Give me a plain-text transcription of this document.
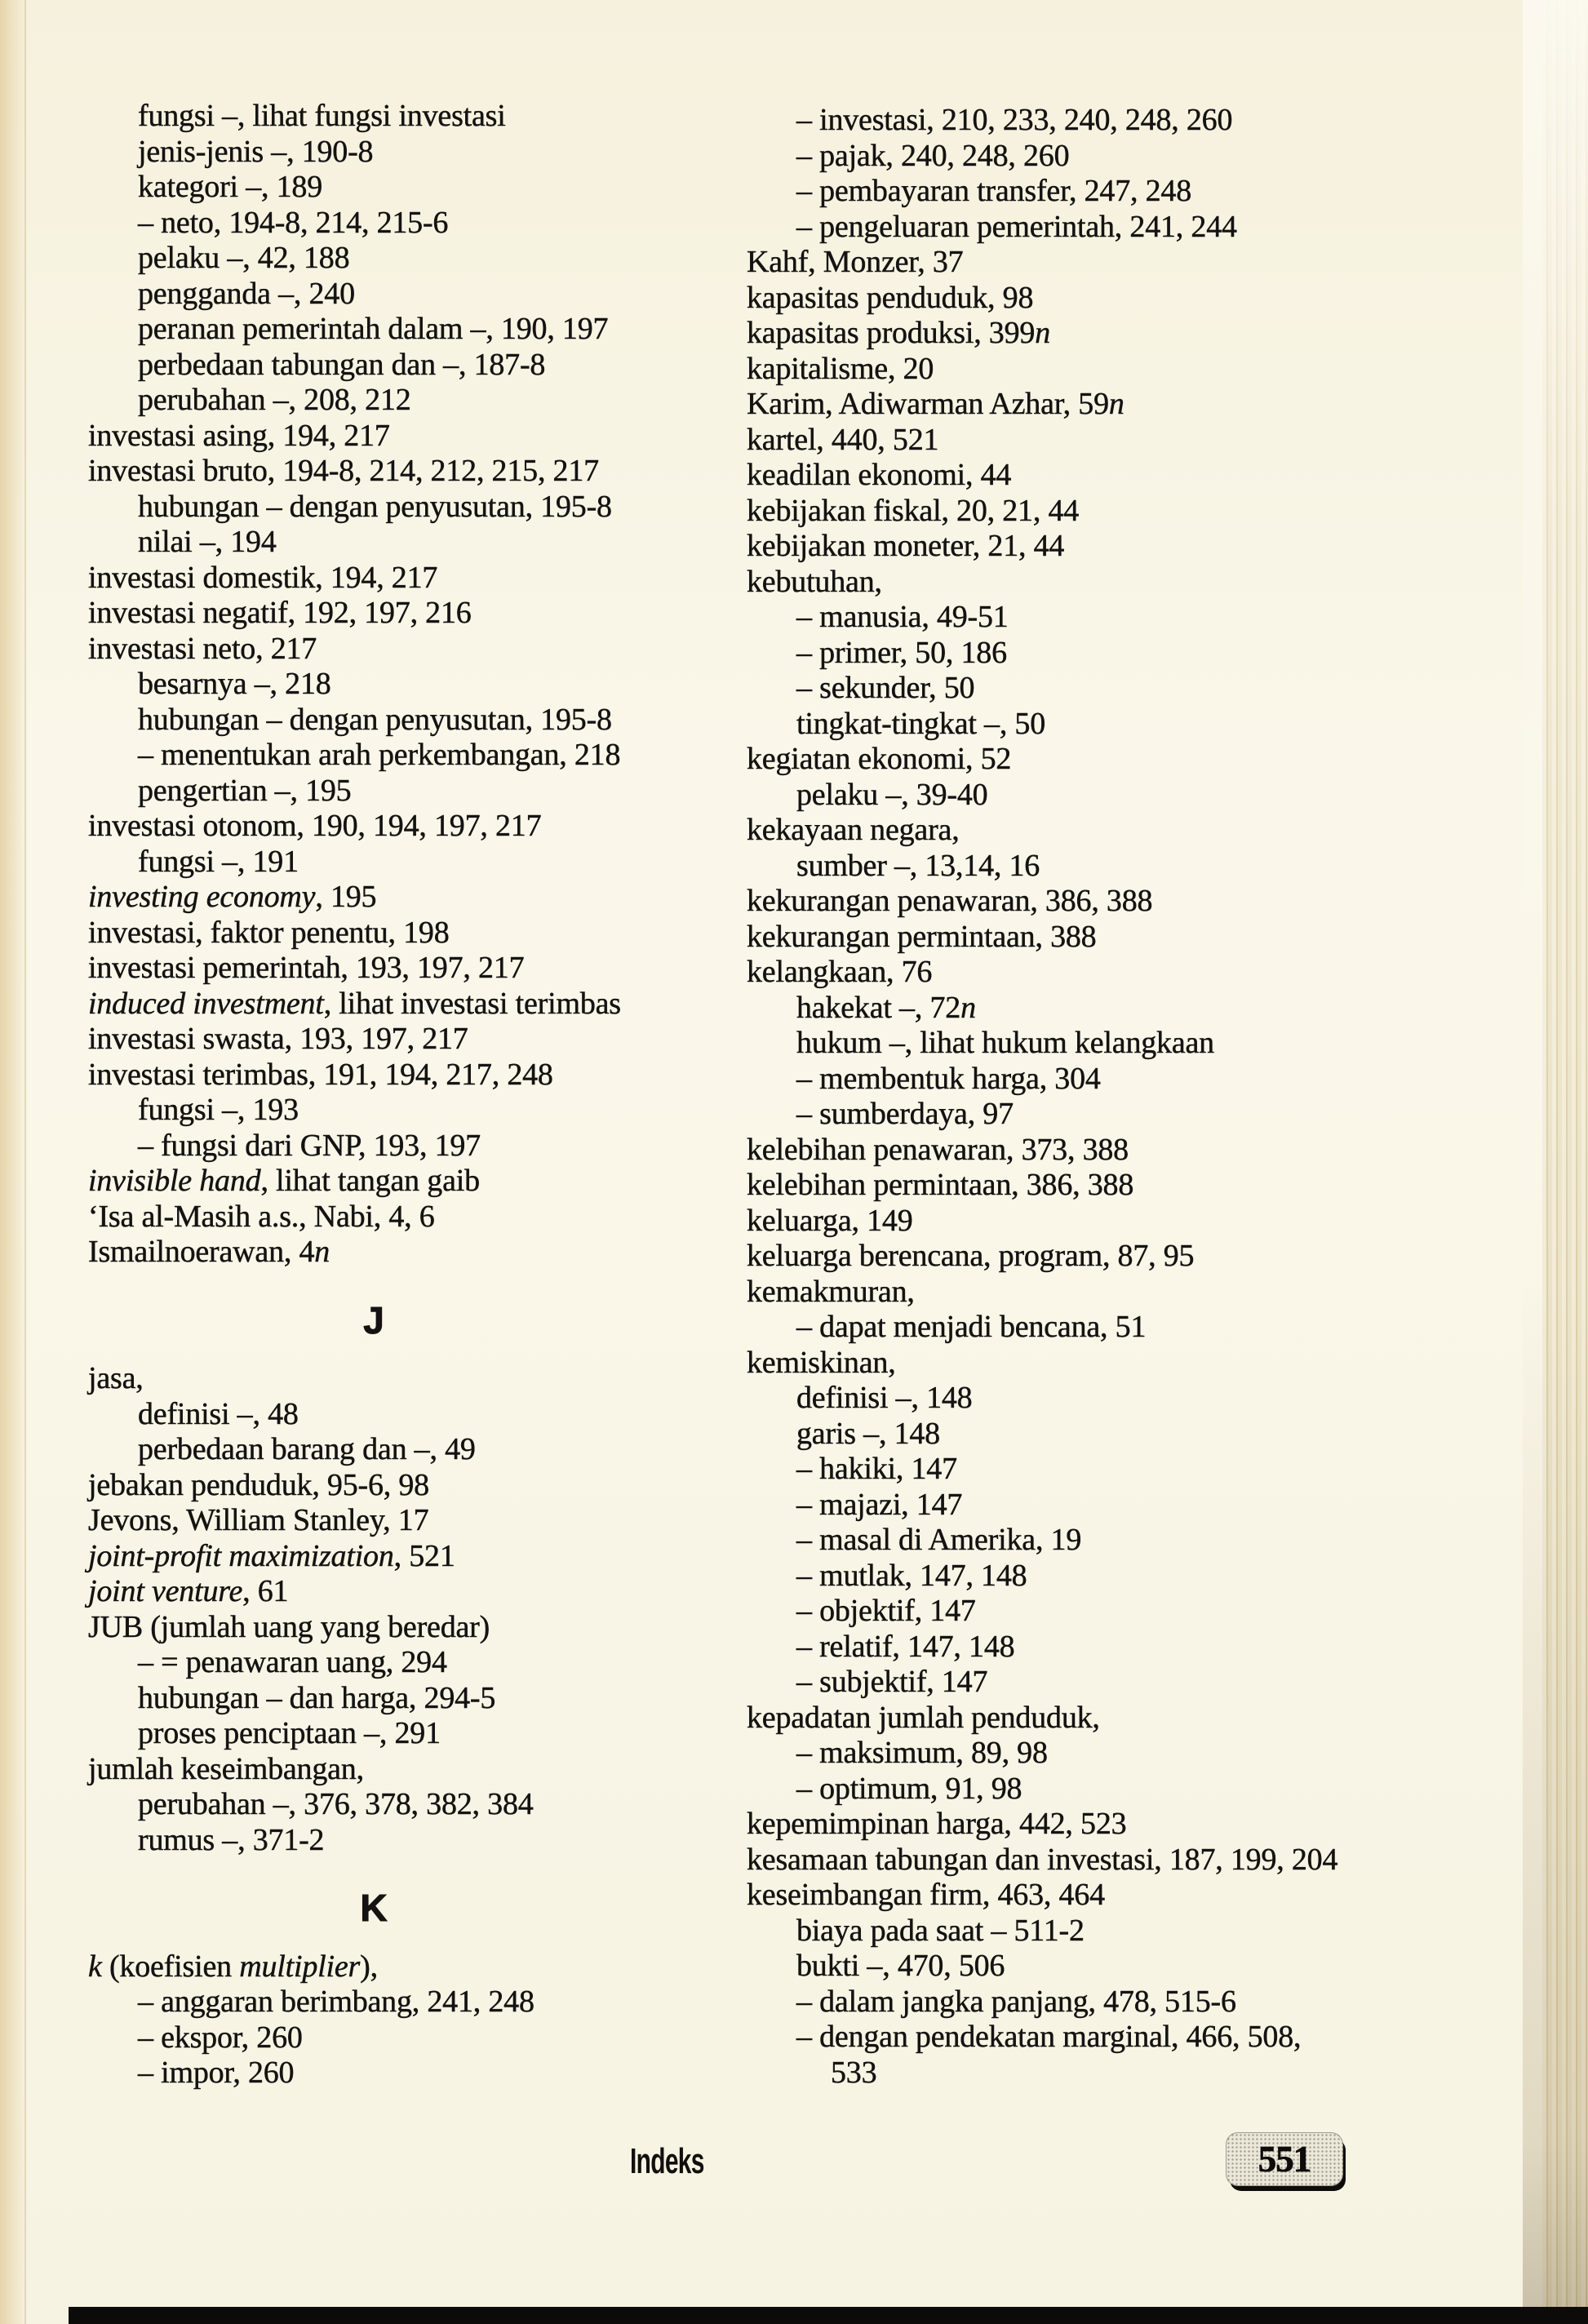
fungsi –, lihat fungsi investasi
jenis-jenis –, 190-8
kategori –, 189
– neto, 194-8, 214, 215-6
pelaku –, 42, 188
pengganda –, 240
peranan pemerintah dalam –, 190, 197
perbedaan tabungan dan –, 187-8
perubahan –, 208, 212
investasi asing, 194, 217
investasi bruto, 194-8, 214, 212, 215, 217
hubungan – dengan penyusutan, 195-8
nilai –, 194
investasi domestik, 194, 217
investasi negatif, 192, 197, 216
investasi neto, 217
besarnya –, 218
hubungan – dengan penyusutan, 195-8
– menentukan arah perkembangan, 218
pengertian –, 195
investasi otonom, 190, 194, 197, 217
fungsi –, 191
investing economy, 195
investasi, faktor penentu, 198
investasi pemerintah, 193, 197, 217
induced investment, lihat investasi terimbas
investasi swasta, 193, 197, 217
investasi terimbas, 191, 194, 217, 248
fungsi –, 193
– fungsi dari GNP, 193, 197
invisible hand, lihat tangan gaib
‘Isa al-Masih a.s., Nabi, 4, 6
Ismailnoerawan, 4n
J
jasa,
definisi –, 48
perbedaan barang dan –, 49
jebakan penduduk, 95-6, 98
Jevons, William Stanley, 17
joint-profit maximization, 521
joint venture, 61
JUB (jumlah uang yang beredar)
– = penawaran uang, 294
hubungan – dan harga, 294-5
proses penciptaan –, 291
jumlah keseimbangan,
perubahan –, 376, 378, 382, 384
rumus –, 371-2
K
k (koefisien multiplier),
– anggaran berimbang, 241, 248
– ekspor, 260
– impor, 260
– investasi, 210, 233, 240, 248, 260
– pajak, 240, 248, 260
– pembayaran transfer, 247, 248
– pengeluaran pemerintah, 241, 244
Kahf, Monzer, 37
kapasitas penduduk, 98
kapasitas produksi, 399n
kapitalisme, 20
Karim, Adiwarman Azhar, 59n
kartel, 440, 521
keadilan ekonomi, 44
kebijakan fiskal, 20, 21, 44
kebijakan moneter, 21, 44
kebutuhan,
– manusia, 49-51
– primer, 50, 186
– sekunder, 50
tingkat-tingkat –, 50
kegiatan ekonomi, 52
pelaku –, 39-40
kekayaan negara,
sumber –, 13,14, 16
kekurangan penawaran, 386, 388
kekurangan permintaan, 388
kelangkaan, 76
hakekat –, 72n
hukum –, lihat hukum kelangkaan
– membentuk harga, 304
– sumberdaya, 97
kelebihan penawaran, 373, 388
kelebihan permintaan, 386, 388
keluarga, 149
keluarga berencana, program, 87, 95
kemakmuran,
– dapat menjadi bencana, 51
kemiskinan,
definisi –, 148
garis –, 148
– hakiki, 147
– majazi, 147
– masal di Amerika, 19
– mutlak, 147, 148
– objektif, 147
– relatif, 147, 148
– subjektif, 147
kepadatan jumlah penduduk,
– maksimum, 89, 98
– optimum, 91, 98
kepemimpinan harga, 442, 523
kesamaan tabungan dan investasi, 187, 199, 204
keseimbangan firm, 463, 464
biaya pada saat – 511-2
bukti –, 470, 506
– dalam jangka panjang, 478, 515-6
– dengan pendekatan marginal, 466, 508,
533
Indeks	551
